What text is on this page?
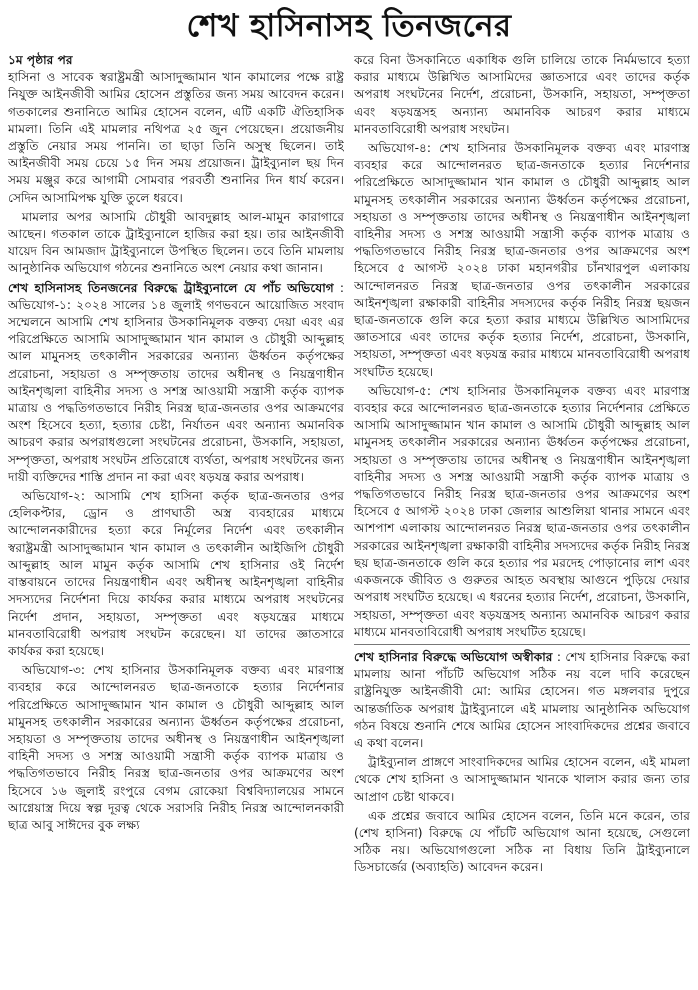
শেখ হাসিনাসহ তিনজনের

১ম পৃষ্ঠার পর
হাসিনা ও সাবেক স্বরাষ্ট্রমন্ত্রী আসাদুজ্জামান খান কামালের পক্ষে রাষ্ট্র নিযুক্ত আইনজীবী আমির হোসেন প্রস্তুতির জন্য সময় আবেদন করেন। গতকালের শুনানিতে আমির হোসেন বলেন, এটি একটি ঐতিহাসিক মামলা। তিনি এই মামলার নথিপত্র ২৫ জুন পেয়েছেন। প্রয়োজনীয় প্রস্তুতি নেয়ার সময় পাননি। তা ছাড়া তিনি অসুস্থ ছিলেন। তাই আইনজীবী সময় চেয়ে ১৫ দিন সময় প্রয়োজন। ট্রাইব্যুনাল ছয় দিন সময় মঞ্জুর করে আগামী সোমবার পরবর্তী শুনানির দিন ধার্য করেন। সেদিন আসামিপক্ষ যুক্তি তুলে ধরবে।

মামলার অপর আসামি চৌধুরী আবদুল্লাহ আল-মামুন কারাগারে আছেন। গতকাল তাকে ট্রাইব্যুনালে হাজির করা হয়। তার আইনজীবী যায়েদ বিন আমজাদ ট্রাইব্যুনালে উপস্থিত ছিলেন। তবে তিনি মামলায় আনুষ্ঠানিক অভিযোগ গঠনের শুনানিতে অংশ নেয়ার কথা জানান।

শেখ হাসিনাসহ তিনজনের বিরুদ্ধে ট্রাইব্যুনালে যে পাঁচ অভিযোগ : অভিযোগ-১: ২০২৪ সালের ১৪ জুলাই গণভবনে আয়োজিত সংবাদ সম্মেলনে আসামি শেখ হাসিনার উসকানিমূলক বক্তব্য দেয়া এবং এর পরিপ্রেক্ষিতে আসামি আসাদুজ্জামান খান কামাল ও চৌধুরী আব্দুল্লাহ আল মামুনসহ তৎকালীন সরকারের অন্যান্য ঊর্ধ্বতন কর্তৃপক্ষের প্ররোচনা, সহায়তা ও সম্পৃক্ততায় তাদের অধীনস্থ ও নিয়ন্ত্রণাধীন আইনশৃঙ্খলা বাহিনীর সদস্য ও সশস্ত্র আওয়ামী সন্ত্রাসী কর্তৃক ব্যাপক মাত্রায় ও পদ্ধতিগতভাবে নিরীহ নিরস্ত্র ছাত্র-জনতার ওপর আক্রমণের অংশ হিসেবে হত্যা, হত্যার চেষ্টা, নির্যাতন এবং অন্যান্য অমানবিক আচরণ করার অপরাধগুলো সংঘটনের প্ররোচনা, উসকানি, সহায়তা, সম্পৃক্ততা, অপরাধ সংঘটন প্রতিরোধে ব্যর্থতা, অপরাধ সংঘটনের জন্য দায়ী ব্যক্তিদের শাস্তি প্রদান না করা এবং ষড়যন্ত্র করার অপরাধ।

অভিযোগ-২: আসামি শেখ হাসিনা কর্তৃক ছাত্র-জনতার ওপর হেলিকপ্টার, ড্রোন ও প্রাণঘাতী অস্ত্র ব্যবহারের মাধ্যমে আন্দোলনকারীদের হত্যা করে নির্মূলের নির্দেশ এবং তৎকালীন স্বরাষ্ট্রমন্ত্রী আসাদুজ্জামান খান কামাল ও তৎকালীন আইজিপি চৌধুরী আব্দুল্লাহ আল মামুন কর্তৃক আসামি শেখ হাসিনার ওই নির্দেশ বাস্তবায়নে তাদের নিয়ন্ত্রণাধীন এবং অধীনস্থ আইনশৃঙ্খলা বাহিনীর সদস্যদের নির্দেশনা দিয়ে কার্যকর করার মাধ্যমে অপরাধ সংঘটনের নির্দেশ প্রদান, সহায়তা, সম্পৃক্ততা এবং ষড়যন্ত্রের মাধ্যমে মানবতাবিরোধী অপরাধ সংঘটন করেছেন। যা তাদের জ্ঞাতসারে কার্যকর করা হয়েছে।

অভিযোগ-৩: শেখ হাসিনার উসকানিমূলক বক্তব্য এবং মারণাস্ত্র ব্যবহার করে আন্দোলনরত ছাত্র-জনতাকে হত্যার নির্দেশনার পরিপ্রেক্ষিতে আসাদুজ্জামান খান কামাল ও চৌধুরী আব্দুল্লাহ আল মামুনসহ তৎকালীন সরকারের অন্যান্য ঊর্ধ্বতন কর্তৃপক্ষের প্ররোচনা, সহায়তা ও সম্পৃক্ততায় তাদের অধীনস্থ ও নিয়ন্ত্রণাধীন আইনশৃঙ্খলা বাহিনী সদস্য ও সশস্ত্র আওয়ামী সন্ত্রাসী কর্তৃক ব্যাপক মাত্রায় ও পদ্ধতিগতভাবে নিরীহ নিরস্ত্র ছাত্র-জনতার ওপর আক্রমণের অংশ হিসেবে ১৬ জুলাই রংপুরে বেগম রোকেয়া বিশ্ববিদ্যালয়ের সামনে আগ্নেয়াস্ত্র দিয়ে স্বল্প দূরত্ব থেকে সরাসরি নিরীহ নিরস্ত্র আন্দোলনকারী ছাত্র আবু সাঈদের বুক লক্ষ্য

করে বিনা উসকানিতে একাধিক গুলি চালিয়ে তাকে নির্মমভাবে হত্যা করার মাধ্যমে উল্লিখিত আসামিদের জ্ঞাতসারে এবং তাদের কর্তৃক অপরাধ সংঘটনের নির্দেশ, প্ররোচনা, উসকানি, সহায়তা, সম্পৃক্ততা এবং ষড়যন্ত্রসহ অন্যান্য অমানবিক আচরণ করার মাধ্যমে মানবতাবিরোধী অপরাধ সংঘটন।

অভিযোগ-৪: শেখ হাসিনার উসকানিমূলক বক্তব্য এবং মারণাস্ত্র ব্যবহার করে আন্দোলনরত ছাত্র-জনতাকে হত্যার নির্দেশনার পরিপ্রেক্ষিতে আসাদুজ্জামান খান কামাল ও চৌধুরী আব্দুল্লাহ আল মামুনসহ তৎকালীন সরকারের অন্যান্য ঊর্ধ্বতন কর্তৃপক্ষের প্ররোচনা, সহায়তা ও সম্পৃক্ততায় তাদের অধীনস্থ ও নিয়ন্ত্রণাধীন আইনশৃঙ্খলা বাহিনীর সদস্য ও সশস্ত্র আওয়ামী সন্ত্রাসী কর্তৃক ব্যাপক মাত্রায় ও পদ্ধতিগতভাবে নিরীহ নিরস্ত্র ছাত্র-জনতার ওপর আক্রমণের অংশ হিসেবে ৫ আগস্ট ২০২৪ ঢাকা মহানগরীর চাঁনখারপুল এলাকায় আন্দোলনরত নিরস্ত্র ছাত্র-জনতার ওপর তৎকালীন সরকারের আইনশৃঙ্খলা রক্ষাকারী বাহিনীর সদস্যদের কর্তৃক নিরীহ নিরস্ত্র ছয়জন ছাত্র-জনতাকে গুলি করে হত্যা করার মাধ্যমে উল্লিখিত আসামিদের জ্ঞাতসারে এবং তাদের কর্তৃক হত্যার নির্দেশ, প্ররোচনা, উসকানি, সহায়তা, সম্পৃক্ততা এবং ষড়যন্ত্র করার মাধ্যমে মানবতাবিরোধী অপরাধ সংঘটিত হয়েছে।

অভিযোগ-৫: শেখ হাসিনার উসকানিমূলক বক্তব্য এবং মারণাস্ত্র ব্যবহার করে আন্দোলনরত ছাত্র-জনতাকে হত্যার নির্দেশনার প্রেক্ষিতে আসামি আসাদুজ্জামান খান কামাল ও আসামি চৌধুরী আব্দুল্লাহ আল মামুনসহ তৎকালীন সরকারের অন্যান্য ঊর্ধ্বতন কর্তৃপক্ষের প্ররোচনা, সহায়তা ও সম্পৃক্ততায় তাদের অধীনস্থ ও নিয়ন্ত্রণাধীন আইনশৃঙ্খলা বাহিনীর সদস্য ও সশস্ত্র আওয়ামী সন্ত্রাসী কর্তৃক ব্যাপক মাত্রায় ও পদ্ধতিগতভাবে নিরীহ নিরস্ত্র ছাত্র-জনতার ওপর আক্রমণের অংশ হিসেবে ৫ আগস্ট ২০২৪ ঢাকা জেলার আশুলিয়া থানার সামনে এবং আশপাশ এলাকায় আন্দোলনরত নিরস্ত্র ছাত্র-জনতার ওপর তৎকালীন সরকারের আইনশৃঙ্খলা রক্ষাকারী বাহিনীর সদস্যদের কর্তৃক নিরীহ নিরস্ত্র ছয় ছাত্র-জনতাকে গুলি করে হত্যার পর মরদেহ পোড়ানোর লাশ এবং একজনকে জীবিত ও গুরুতর আহত অবস্থায় আগুনে পুড়িয়ে দেয়ার অপরাধ সংঘটিত হয়েছে। এ ধরনের হত্যার নির্দেশ, প্ররোচনা, উসকানি, সহায়তা, সম্পৃক্ততা এবং ষড়যন্ত্রসহ অন্যান্য অমানবিক আচরণ করার মাধ্যমে মানবতাবিরোধী অপরাধ সংঘটিত হয়েছে।

শেখ হাসিনার বিরুদ্ধে অভিযোগ অস্বীকার : শেখ হাসিনার বিরুদ্ধে করা মামলায় আনা পাঁচটি অভিযোগ সঠিক নয় বলে দাবি করেছেন রাষ্ট্রনিযুক্ত আইনজীবী মো: আমির হোসেন। গত মঙ্গলবার দুপুরে আন্তর্জাতিক অপরাধ ট্রাইব্যুনালে এই মামলায় আনুষ্ঠানিক অভিযোগ গঠন বিষয়ে শুনানি শেষে আমির হোসেন সাংবাদিকদের প্রশ্নের জবাবে এ কথা বলেন।

ট্রাইব্যুনাল প্রাঙ্গণে সাংবাদিকদের আমির হোসেন বলেন, এই মামলা থেকে শেখ হাসিনা ও আসাদুজ্জামান খানকে খালাস করার জন্য তার আপ্রাণ চেষ্টা থাকবে।

এক প্রশ্নের জবাবে আমির হোসেন বলেন, তিনি মনে করেন, তার (শেখ হাসিনা) বিরুদ্ধে যে পাঁচটি অভিযোগ আনা হয়েছে, সেগুলো সঠিক নয়। অভিযোগগুলো সঠিক না বিধায় তিনি ট্রাইব্যুনালে ডিসচার্জের (অব্যাহতি) আবেদন করেন।
